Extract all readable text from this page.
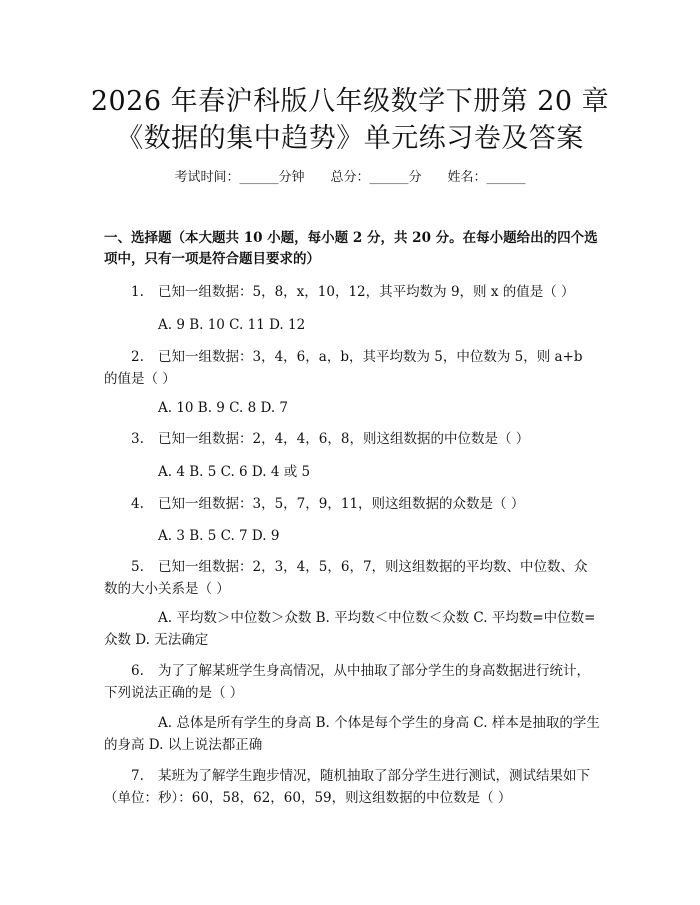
2026 年春沪科版八年级数学下册第 20 章
《数据的集中趋势》单元练习卷及答案
考试时间：______分钟 总分：______分 姓名：______
一、选择题（本大题共 10 小题，每小题 2 分，共 20 分。在每小题给出的四个选项中，只有一项是符合题目要求的）
1. 已知一组数据：5，8，x，10，12，其平均数为 9，则 x 的值是（ ）
A. 9 B. 10 C. 11 D. 12
2. 已知一组数据：3，4，6，a，b，其平均数为 5，中位数为 5，则 a+b 的值是（ ）
A. 10 B. 9 C. 8 D. 7
3. 已知一组数据：2，4，4，6，8，则这组数据的中位数是（ ）
A. 4 B. 5 C. 6 D. 4 或 5
4. 已知一组数据：3，5，7，9，11，则这组数据的众数是（ ）
A. 3 B. 5 C. 7 D. 9
5. 已知一组数据：2，3，4，5，6，7，则这组数据的平均数、中位数、众数的大小关系是（ ）
A. 平均数＞中位数＞众数 B. 平均数＜中位数＜众数 C. 平均数=中位数=众数 D. 无法确定
6. 为了了解某班学生身高情况，从中抽取了部分学生的身高数据进行统计，下列说法正确的是（ ）
A. 总体是所有学生的身高 B. 个体是每个学生的身高 C. 样本是抽取的学生的身高 D. 以上说法都正确
7. 某班为了解学生跑步情况，随机抽取了部分学生进行测试，测试结果如下（单位：秒）：60，58，62，60，59，则这组数据的中位数是（ ）
